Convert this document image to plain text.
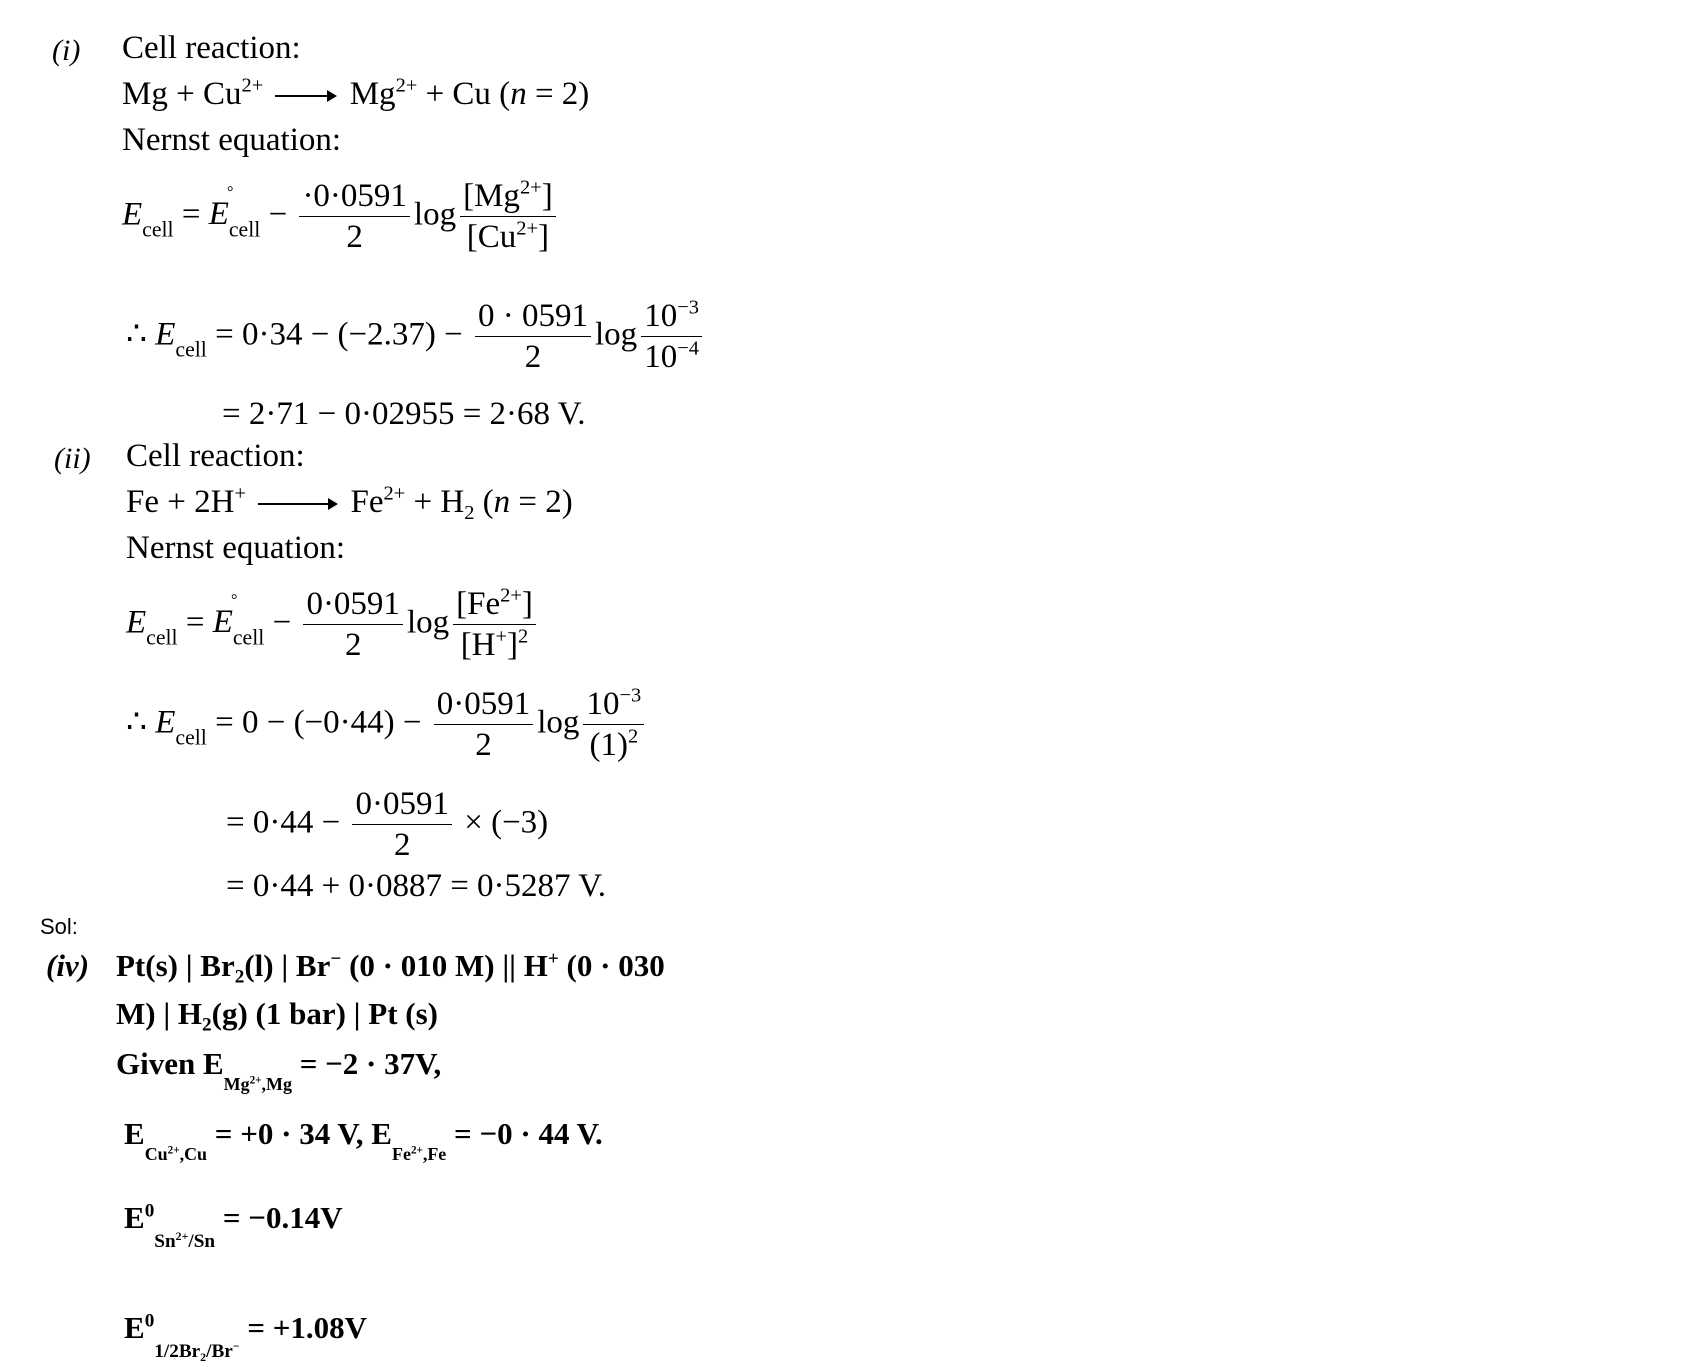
(i) Cell reaction:
$Mg + Cu^{2+} \to Mg^{2+} + Cu$ (n = 2)
Nernst equation:
$E_{cell} = E$
°
$_{cell} - \frac{\cdot 0\cdot 0591}{2}$ $\log \frac{[Mg^{2+}]}{[Cu^{2+}]}$
∴ $E_{cell} = 0\cdot 34 - (-2.37) - \frac{0 \cdot 0591}{2}$ $\log \frac{10^{-3}}{10^{-4}}$
= 2·71 − 0·02955 = 2·68 V.
(ii) Cell reaction:
$Fe + 2H^+ \to Fe^{2+} + H_2$ (n = 2)
Nernst equation:
$E_{cell} = E$
°
$_{cell} - \frac{0\cdot 0591}{2}$ $\log \frac{[Fe^{2+}]}{[H^+]^2}$
∴ $E_{cell} = 0 - (-0\cdot 44) - \frac{0\cdot 0591}{2}$ $\log \frac{10^{-3}}{(1)^2}$
= $0\cdot 44 - \frac{0\cdot 0591}{2} \times (-3)$
= 0·44 + 0·0887 = 0·5287 V.
Sol:
(iv) Pt(s) | $Br_2(l)$ | Br− (0 · 010 M) || H+ (0 · 030
M) | $H_2(g)$ (1 bar) | Pt (s)
Given $E_{Mg^{2+},Mg} = -2 \cdot 37V$,
$E_{Cu^{2+},Cu} = +0 \cdot 34$ V, $E_{Fe^{2+},Fe} = -0 \cdot 44$ V.
$E^0_{Sn^{2+}/Sn} = -0.14V$
$E^0_{1/2Br_2/Br^-} = +1.08V$
